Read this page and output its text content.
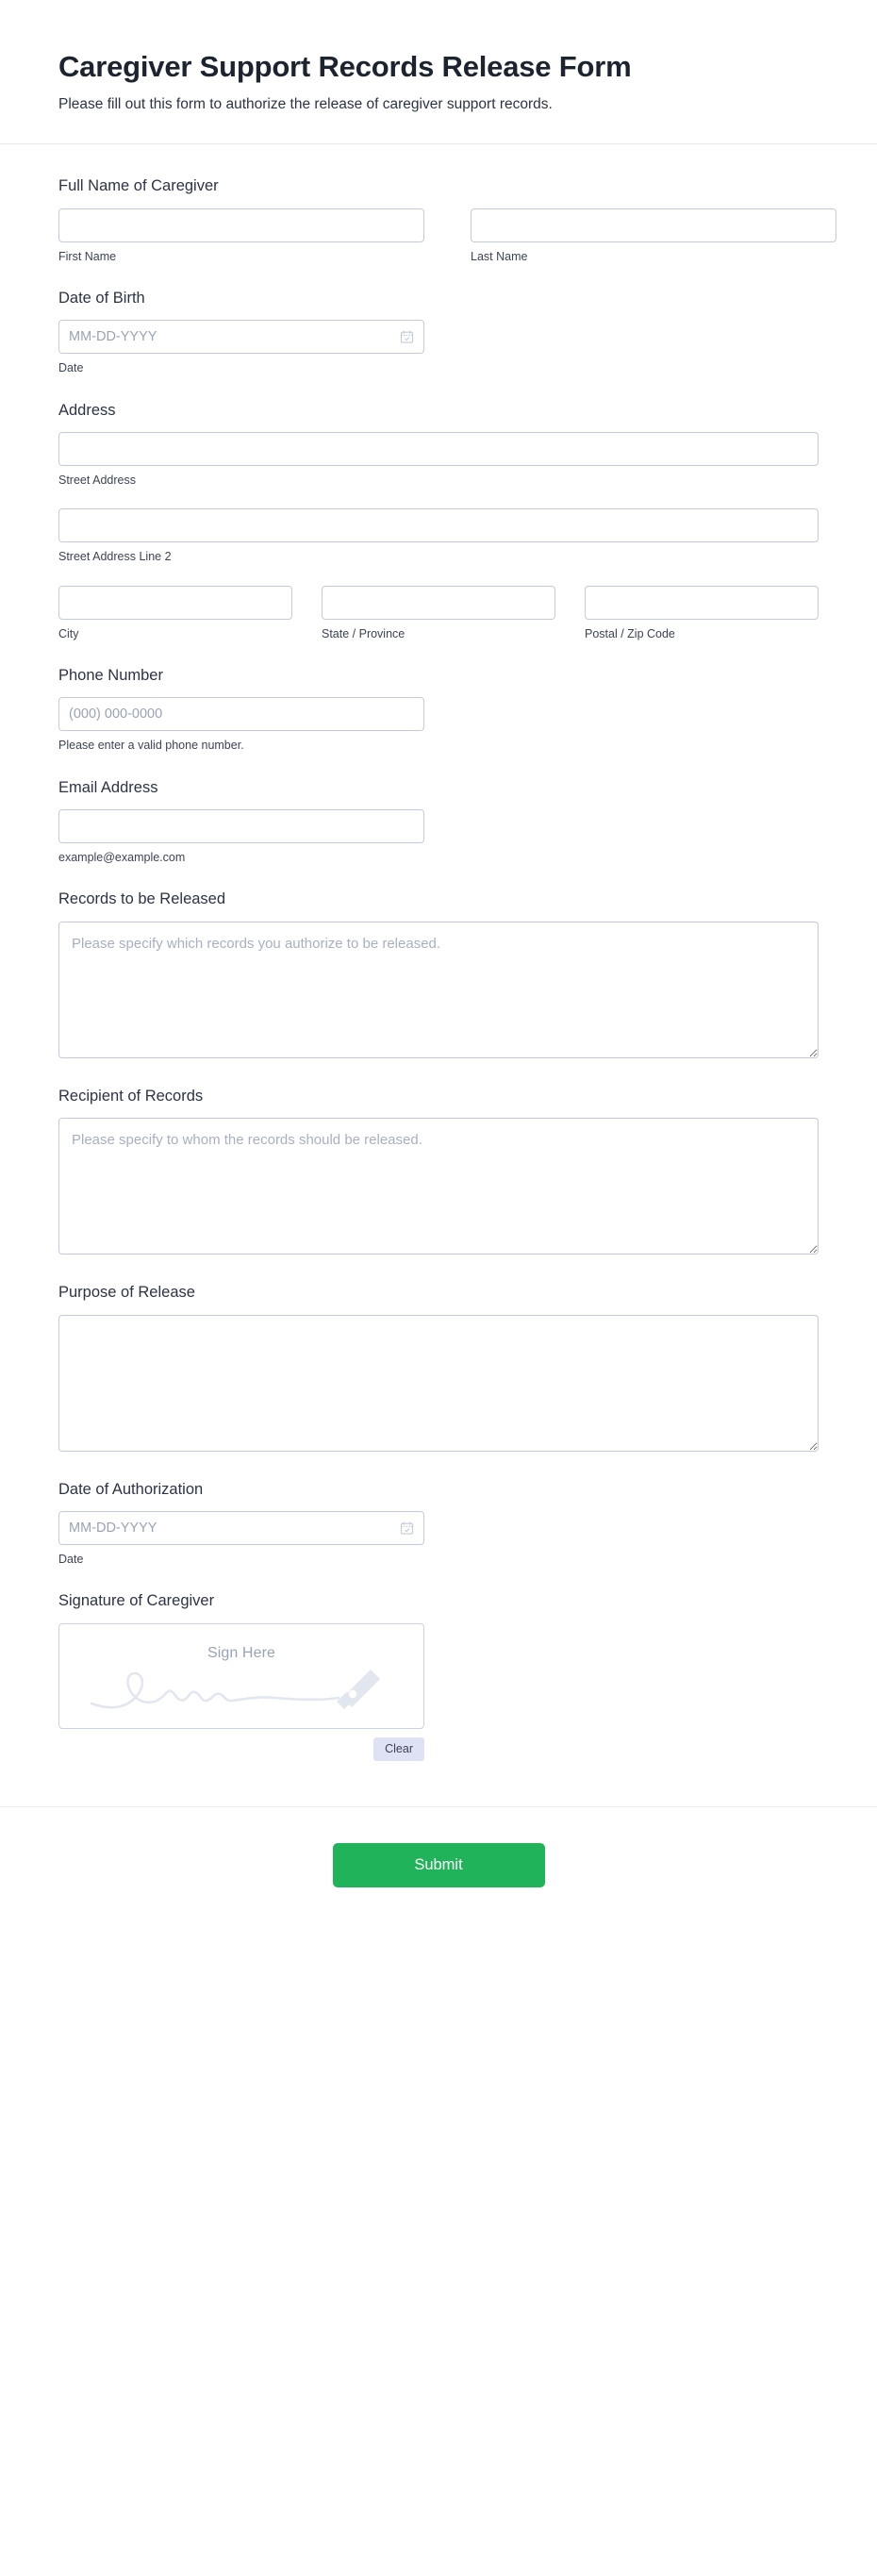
Caregiver Support Records Release Form

Please fill out this form to authorize the release of caregiver support records.

Full Name of Caregiver
First Name	Last Name
Date of Birth
MM-DD-YYYY
Date
Address
Street Address
Street Address Line 2
City	State / Province	Postal / Zip Code
Phone Number
(000) 000-0000
Please enter a valid phone number.
Email Address
example@example.com
Records to be Released
Please specify which records you authorize to be released.
Recipient of Records
Please specify to whom the records should be released.
Purpose of Release
Date of Authorization
MM-DD-YYYY
Date
Signature of Caregiver
Sign Here
Clear
Submit
